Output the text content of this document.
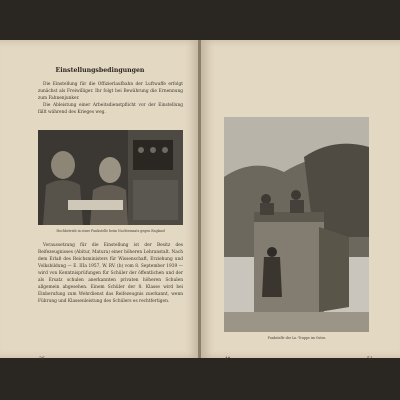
Einstellungsbedingungen

Die Einstellung für die Offizierlaufbahn der Luftwaffe erfolgt zunächst als Freiwilliger. Ihr folgt bei Bewährung die Ernennung zum Fahnenjunker.

Die Ableistung einer Arbeitsdienstpflicht vor der Einstellung fällt während des Krieges weg.

Hochbetrieb in einer Funkstelle beim Nachteinsatz gegen England

Voraussetzung für die Einstellung ist der Besitz des Reifezeugnisses (Abitur, Matura) einer höheren Lehranstalt. Nach dem Erlaß des Reichsministers für Wissenschaft, Erziehung und Volksbildung — E. IIIa 1957, W. RV. (b) vom 8. September 1939 — wird von Kenntnisprüfungen für Schüler der öffentlichen und der als Ersatz schulen anerkannten privaten höheren Schulen allgemein abgesehen. Einem Schüler der 8. Klasse wird bei Einberufung zum Wehrdienst das Reifezeugnis zuerkannt, wenn Führung und Klassenleistung des Schülers es rechtfertigen.

36
Funkstelle der Ln.-Truppe im Osten
4*	51
